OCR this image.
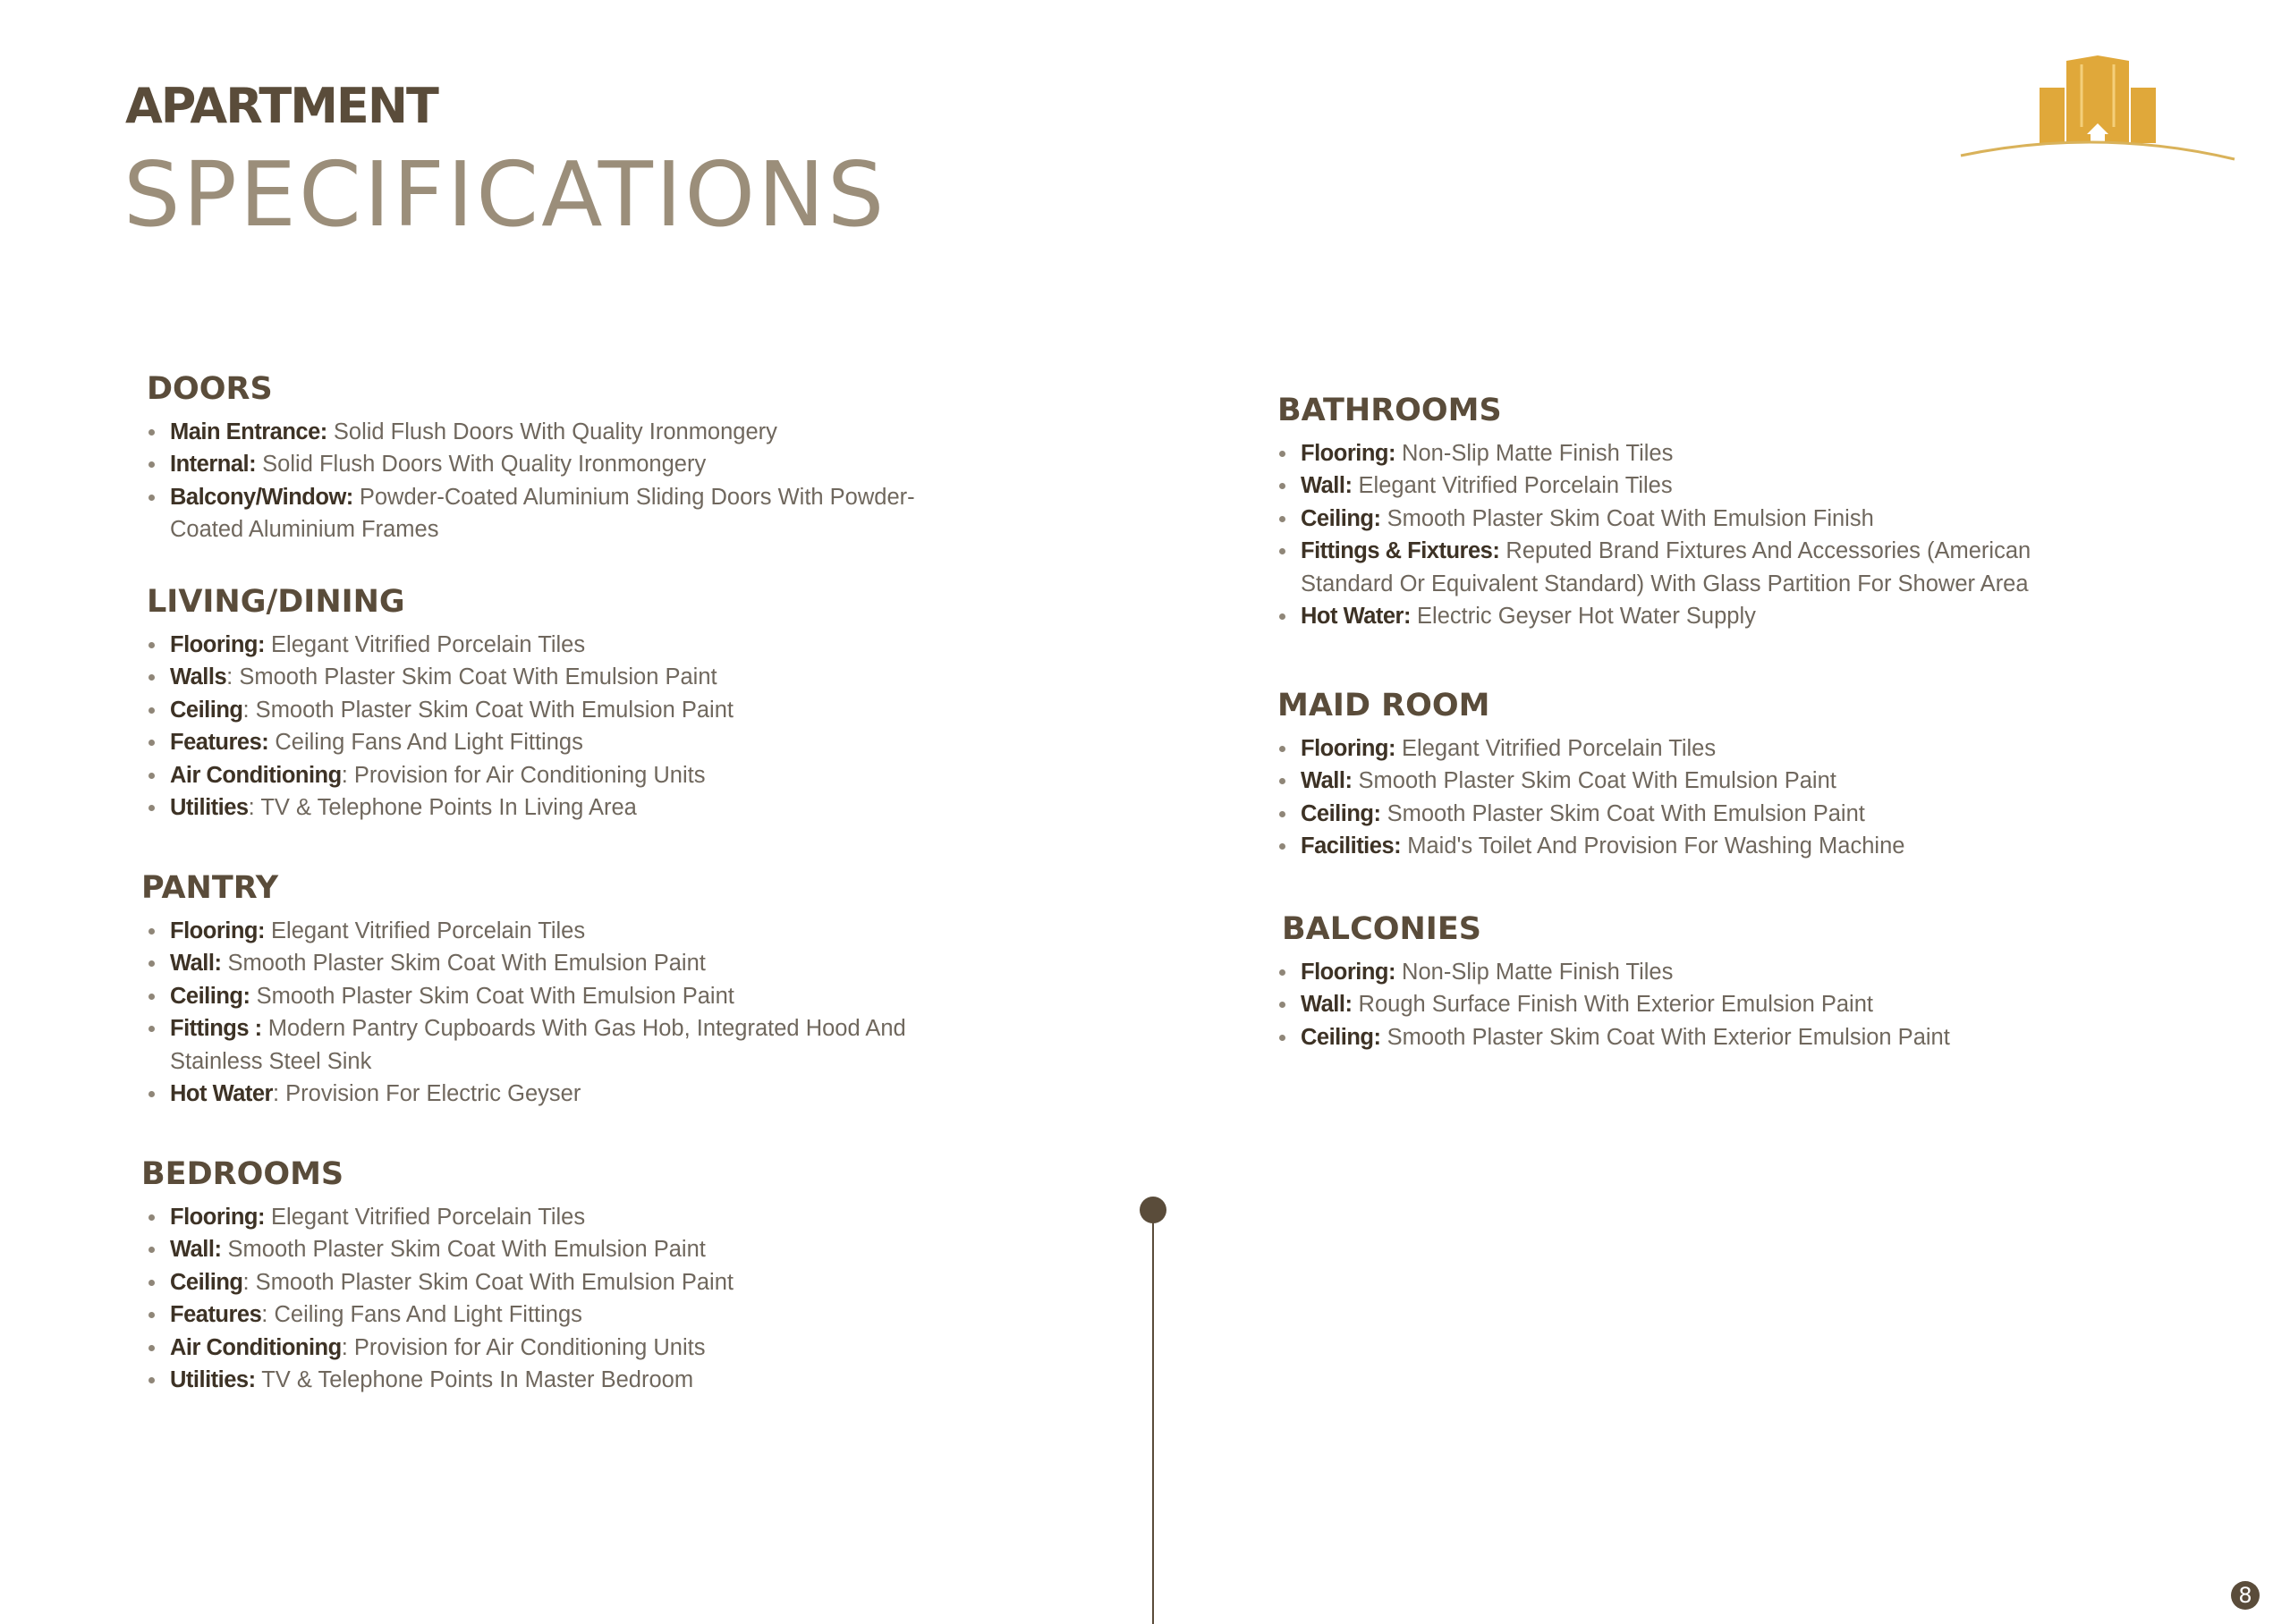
APARTMENT
SPECIFICATIONS
DOORS
Main Entrance: Solid Flush Doors With Quality Ironmongery
Internal: Solid Flush Doors With Quality Ironmongery
Balcony/Window: Powder-Coated Aluminium Sliding Doors With Powder-Coated Aluminium Frames
LIVING/DINING
Flooring: Elegant Vitrified Porcelain Tiles
Walls: Smooth Plaster Skim Coat With Emulsion Paint
Ceiling: Smooth Plaster Skim Coat With Emulsion Paint
Features: Ceiling Fans And Light Fittings
Air Conditioning: Provision for Air Conditioning Units
Utilities: TV & Telephone Points In Living Area
PANTRY
Flooring: Elegant Vitrified Porcelain Tiles
Wall: Smooth Plaster Skim Coat With Emulsion Paint
Ceiling: Smooth Plaster Skim Coat With Emulsion Paint
Fittings : Modern Pantry Cupboards With Gas Hob, Integrated Hood And Stainless Steel Sink
Hot Water: Provision For Electric Geyser
BEDROOMS
Flooring: Elegant Vitrified Porcelain Tiles
Wall: Smooth Plaster Skim Coat With Emulsion Paint
Ceiling: Smooth Plaster Skim Coat With Emulsion Paint
Features: Ceiling Fans And Light Fittings
Air Conditioning: Provision for Air Conditioning Units
Utilities: TV & Telephone Points In Master Bedroom
BATHROOMS
Flooring: Non-Slip Matte Finish Tiles
Wall: Elegant Vitrified Porcelain Tiles
Ceiling: Smooth Plaster Skim Coat With Emulsion Finish
Fittings & Fixtures: Reputed Brand Fixtures And Accessories (American Standard Or Equivalent Standard) With Glass Partition For Shower Area
Hot Water: Electric Geyser Hot Water Supply
MAID ROOM
Flooring: Elegant Vitrified Porcelain Tiles
Wall: Smooth Plaster Skim Coat With Emulsion Paint
Ceiling: Smooth Plaster Skim Coat With Emulsion Paint
Facilities: Maid's Toilet And Provision For Washing Machine
BALCONIES
Flooring: Non-Slip Matte Finish Tiles
Wall: Rough Surface Finish With Exterior Emulsion Paint
Ceiling: Smooth Plaster Skim Coat With Exterior Emulsion Paint
8
